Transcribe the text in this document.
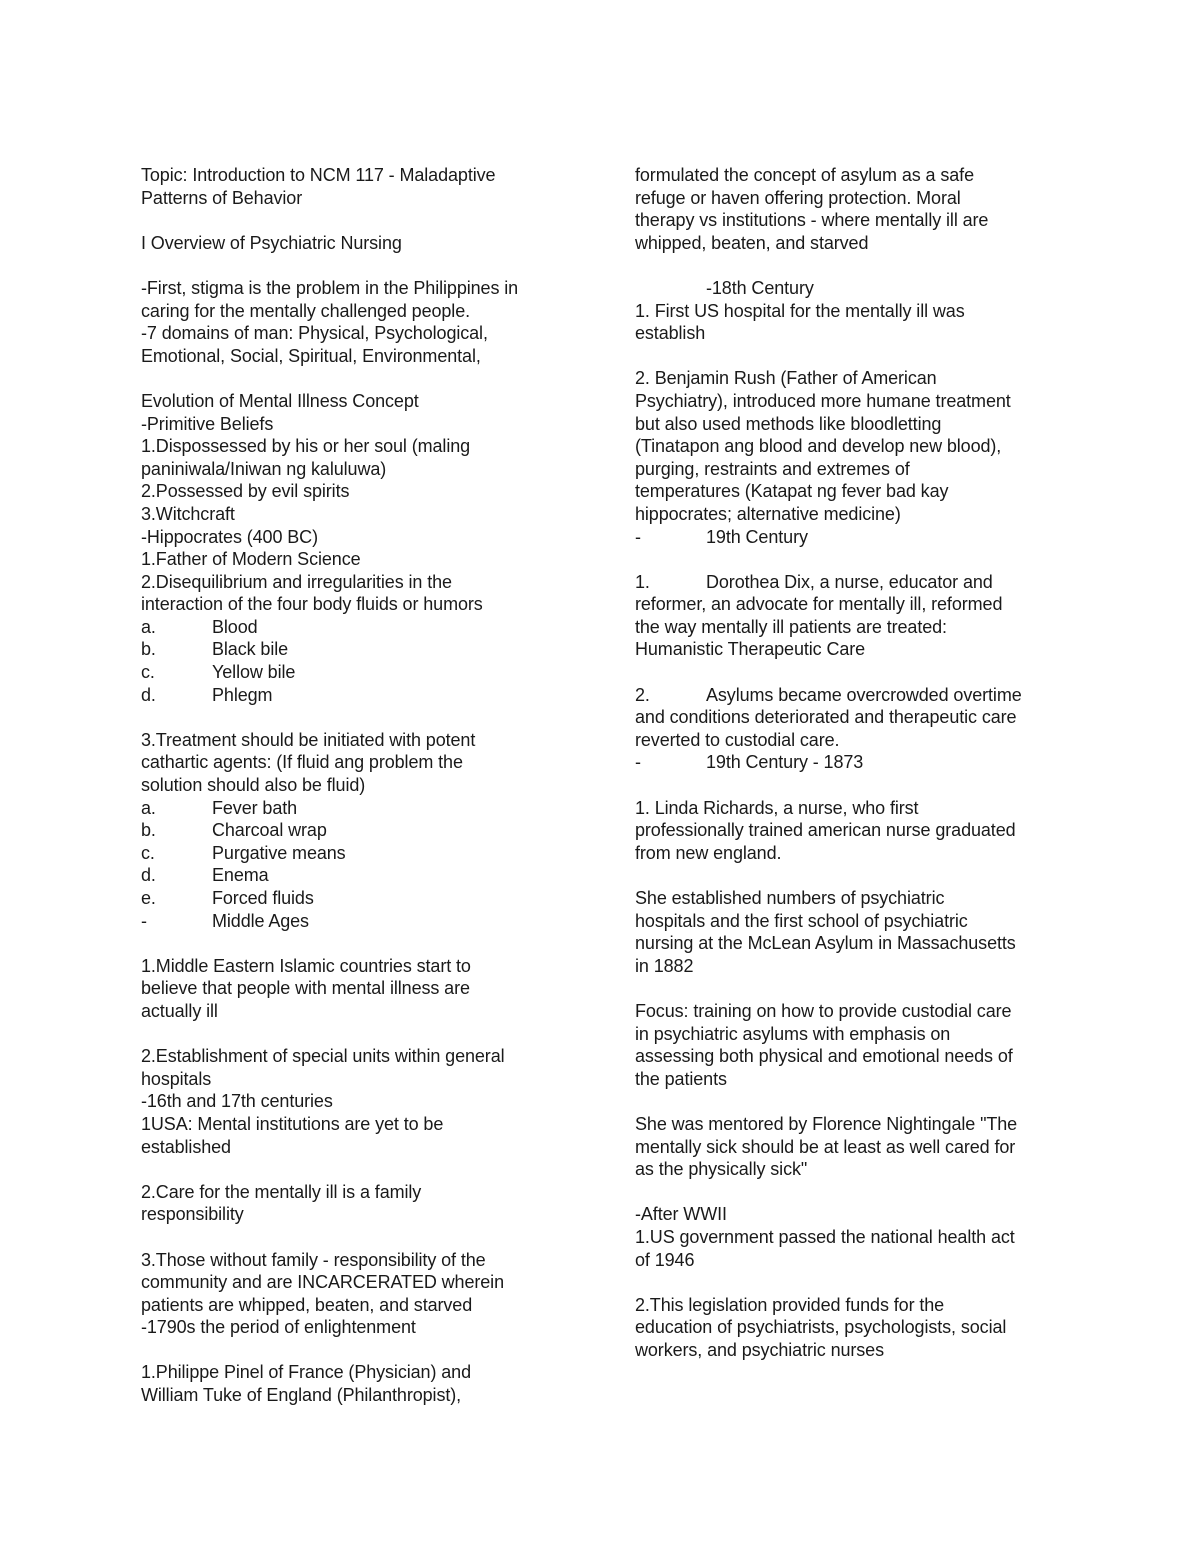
Topic: Introduction to NCM 117 - Maladaptive
Patterns of Behavior
I Overview of Psychiatric Nursing
-First, stigma is the problem in the Philippines in
caring for the mentally challenged people.
-7 domains of man: Physical, Psychological,
Emotional, Social, Spiritual, Environmental,
Evolution of Mental Illness Concept
-Primitive Beliefs
1.Dispossessed by his or her soul (maling
paniniwala/Iniwan ng kaluluwa)
2.Possessed by evil spirits
3.Witchcraft
-Hippocrates (400 BC)
1.Father of Modern Science
2.Disequilibrium and irregularities in the
interaction of the four body fluids or humors
a.	Blood
b.	Black bile
c.	Yellow bile
d.	Phlegm
3.Treatment should be initiated with potent
cathartic agents: (If fluid ang problem the
solution should also be fluid)
a.	Fever bath
b.	Charcoal wrap
c.	Purgative means
d.	Enema
e.	Forced fluids
-	Middle Ages
1.Middle Eastern Islamic countries start to
believe that people with mental illness are
actually ill
2.Establishment of special units within general
hospitals
-16th and 17th centuries
1USA: Mental institutions are yet to be
established
2.Care for the mentally ill is a family
responsibility
3.Those without family - responsibility of the
community and are INCARCERATED wherein
patients are whipped, beaten, and starved
-1790s the period of enlightenment
1.Philippe Pinel of France (Physician) and
William Tuke of England (Philanthropist),
formulated the concept of asylum as a safe
refuge or haven offering protection. Moral
therapy vs institutions - where mentally ill are
whipped, beaten, and starved
-18th Century
1. First US hospital for the mentally ill was
establish
2. Benjamin Rush (Father of American
Psychiatry), introduced more humane treatment
but also used methods like bloodletting
(Tinatapon ang blood and develop new blood),
purging, restraints and extremes of
temperatures (Katapat ng fever bad kay
hippocrates; alternative medicine)
-	19th Century
1.	Dorothea Dix, a nurse, educator and
reformer, an advocate for mentally ill, reformed
the way mentally ill patients are treated:
Humanistic Therapeutic Care
2.	Asylums became overcrowded overtime
and conditions deteriorated and therapeutic care
reverted to custodial care.
-	19th Century - 1873
1. Linda Richards, a nurse, who first
professionally trained american nurse graduated
from new england.
She established numbers of psychiatric
hospitals and the first school of psychiatric
nursing at the McLean Asylum in Massachusetts
in 1882
Focus: training on how to provide custodial care
in psychiatric asylums with emphasis on
assessing both physical and emotional needs of
the patients
She was mentored by Florence Nightingale "The
mentally sick should be at least as well cared for
as the physically sick"
-After WWII
1.US government passed the national health act
of 1946
2.This legislation provided funds for the
education of psychiatrists, psychologists, social
workers, and psychiatric nurses
